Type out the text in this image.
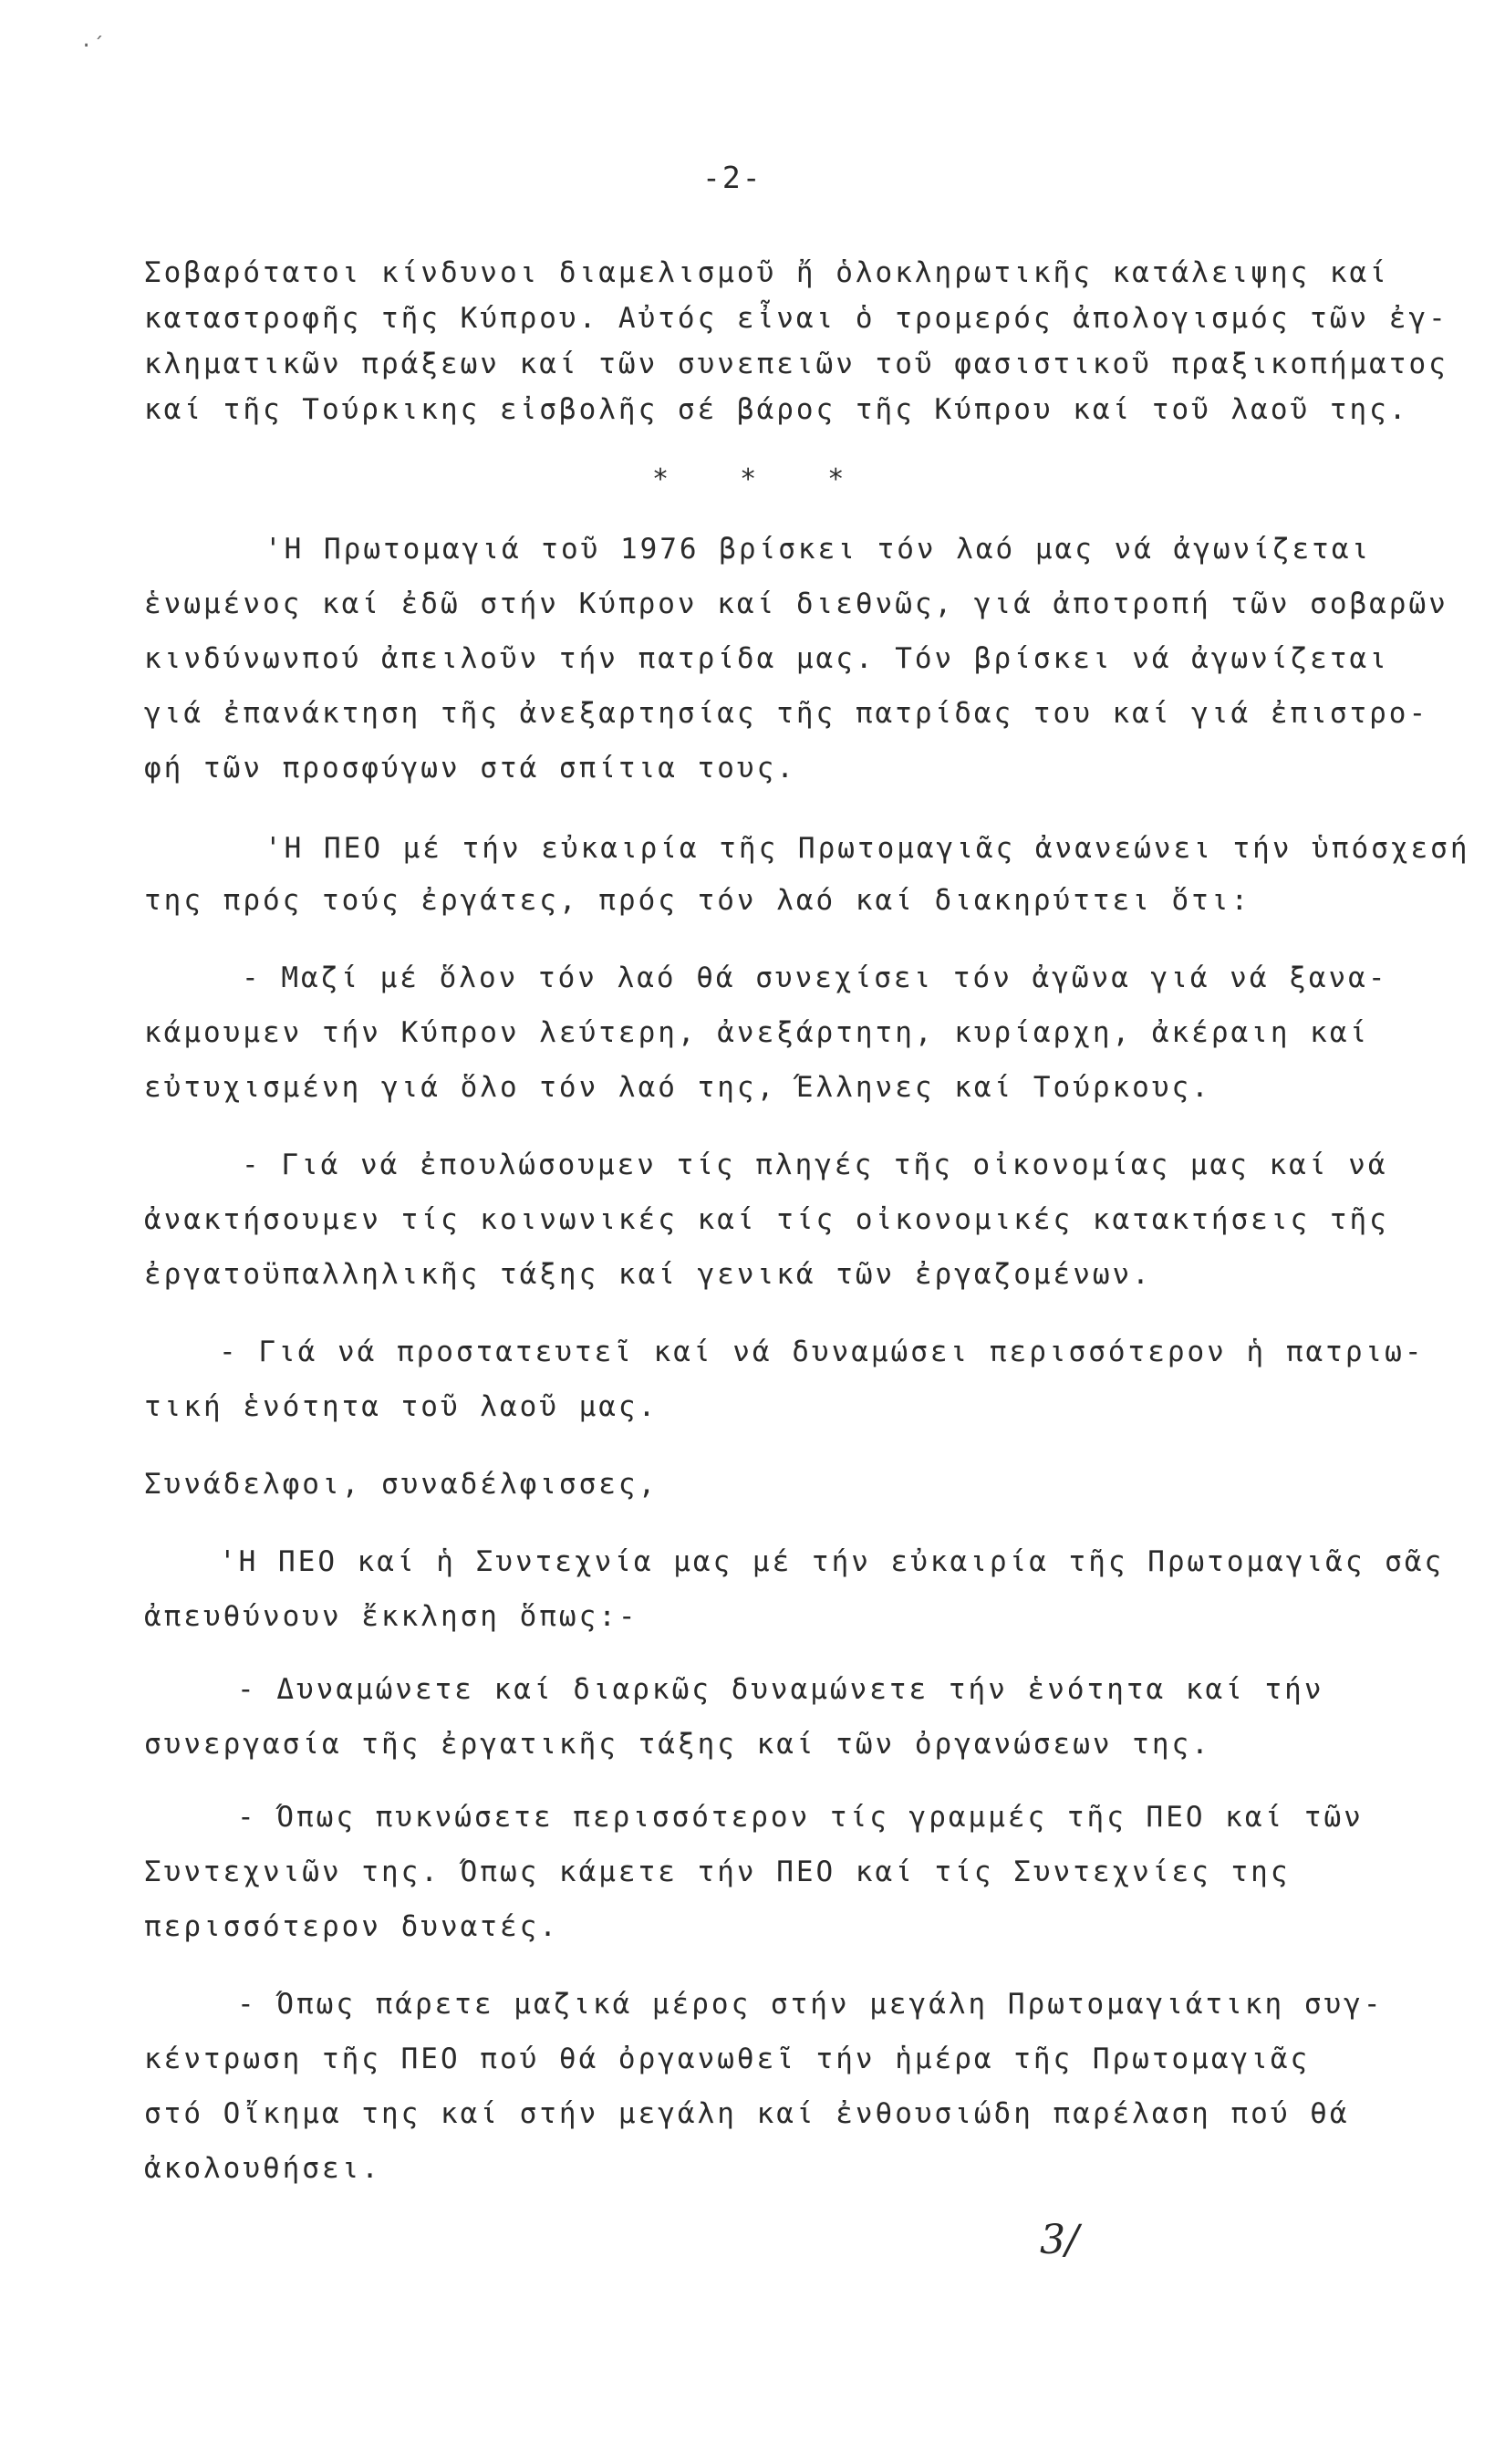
·´
-2-
Σοβαρότατοι κίνδυνοι διαμελισμοῦ ἤ ὁλοκληρωτικῆς κατάλειψης καί
καταστροφῆς τῆς Κύπρου. Αὐτός εἶναι ὁ τρομερός ἀπολογισμός τῶν ἐγ-
κληματικῶν πράξεων καί τῶν συνεπειῶν τοῦ φασιστικοῦ πραξικοπήματος
καί τῆς Τούρκικης εἰσβολῆς σέ βάρος τῆς Κύπρου καί τοῦ λαοῦ της.
* * *
'Η Πρωτομαγιά τοῦ 1976 βρίσκει τόν λαό μας νά ἀγωνίζεται
ἑνωμένος καί ἐδῶ στήν Κύπρον καί διεθνῶς, γιά ἀποτροπή τῶν σοβαρῶν
κινδύνωνπού ἀπειλοῦν τήν πατρίδα μας. Τόν βρίσκει νά ἀγωνίζεται
γιά ἐπανάκτηση τῆς ἀνεξαρτησίας τῆς πατρίδας του καί γιά ἐπιστρο-
φή τῶν προσφύγων στά σπίτια τους.
'Η ΠΕΟ μέ τήν εὐκαιρία τῆς Πρωτομαγιᾶς ἀνανεώνει τήν ὑπόσχεσή
της πρός τούς ἐργάτες, πρός τόν λαό καί διακηρύττει ὅτι:
- Μαζί μέ ὅλον τόν λαό θά συνεχίσει τόν ἀγῶνα γιά νά ξανα-
κάμουμεν τήν Κύπρον λεύτερη, ἀνεξάρτητη, κυρίαρχη, ἀκέραιη καί
εὐτυχισμένη γιά ὅλο τόν λαό της, Έλληνες καί Τούρκους.
- Γιά νά ἐπουλώσουμεν τίς πληγές τῆς οἰκονομίας μας καί νά
ἀνακτήσουμεν τίς κοινωνικές καί τίς οἰκονομικές κατακτήσεις τῆς
ἐργατοϋπαλληλικῆς τάξης καί γενικά τῶν ἐργαζομένων.
- Γιά νά προστατευτεῖ καί νά δυναμώσει περισσότερον ἡ πατριω-
τική ἑνότητα τοῦ λαοῦ μας.
Συνάδελφοι, συναδέλφισσες,
'Η ΠΕΟ καί ἡ Συντεχνία μας μέ τήν εὐκαιρία τῆς Πρωτομαγιᾶς σᾶς
ἀπευθύνουν ἔκκληση ὅπως:-
- Δυναμώνετε καί διαρκῶς δυναμώνετε τήν ἑνότητα καί τήν
συνεργασία τῆς ἐργατικῆς τάξης καί τῶν ὀργανώσεων της.
- Όπως πυκνώσετε περισσότερον τίς γραμμές τῆς ΠΕΟ καί τῶν
Συντεχνιῶν της. Όπως κάμετε τήν ΠΕΟ καί τίς Συντεχνίες της
περισσότερον δυνατές.
- Όπως πάρετε μαζικά μέρος στήν μεγάλη Πρωτομαγιάτικη συγ-
κέντρωση τῆς ΠΕΟ πού θά ὀργανωθεῖ τήν ἡμέρα τῆς Πρωτομαγιᾶς
στό Οἴκημα της καί στήν μεγάλη καί ἐνθουσιώδη παρέλαση πού θά
ἀκολουθήσει.
3/
